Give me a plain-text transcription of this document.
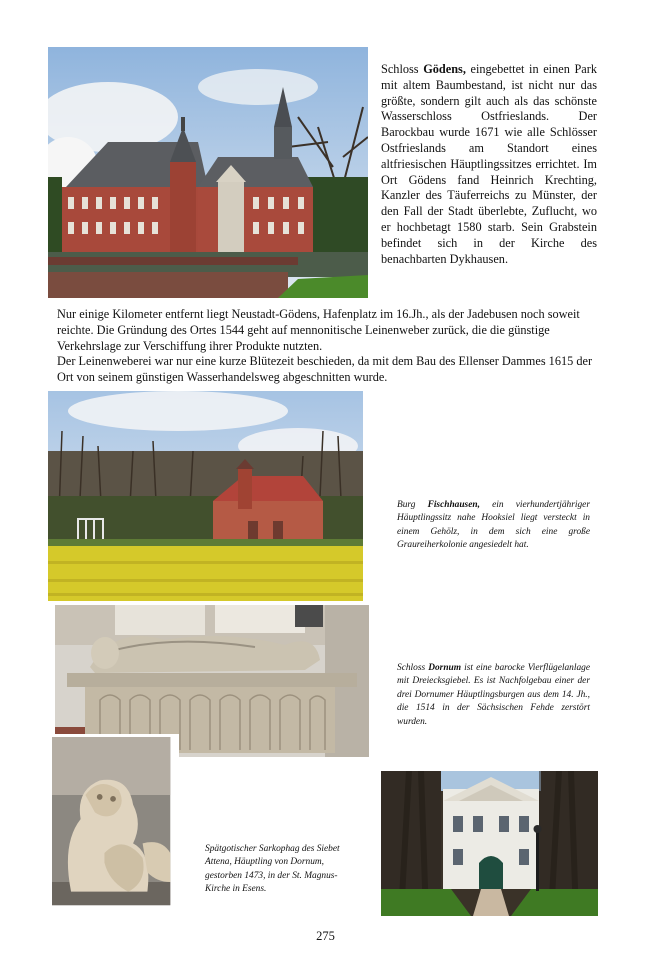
Schloss Gödens, eingebettet in einen Park mit altem Baumbestand, ist nicht nur das größte, sondern gilt auch als das schönste Wasserschloss Ostfrieslands. Der Barockbau wurde 1671 wie alle Schlösser Ostfrieslands am Standort eines altfriesischen Häuptlingssitzes errichtet. Im Ort Gödens fand Heinrich Krechting, Kanzler des Täuferreichs zu Münster, der den Fall der Stadt überlebte, Zuflucht, wo er hochbetagt 1580 starb. Sein Grabstein befindet sich in der Kirche des benachbarten Dykhausen.

Nur einige Kilometer entfernt liegt Neustadt-Gödens, Hafenplatz im 16.Jh., als der Jadebusen noch soweit reichte. Die Gründung des Ortes 1544 geht auf mennonitische Leinenweber zurück, die die günstige Verkehrslage zur Verschiffung ihrer Produkte nutzten.
Der Leinenweberei war nur eine kurze Blütezeit beschieden, da mit dem Bau des Ellenser Dammes 1615 der Ort von seinem günstigen Wasserhandelsweg abgeschnitten wurde.

Burg Fischhausen, ein vierhundertjähriger Häuptlingssitz nahe Hooksiel liegt versteckt in einem Gehölz, in dem sich eine große Graureiherkolonie angesiedelt hat.

Schloss Dornum ist eine barocke Vierflügelanlage mit Dreiecksgiebel. Es ist Nachfolgebau einer der drei Dornumer Häuptlingsburgen aus dem 14. Jh., die 1514 in der Sächsischen Fehde zerstört wurden.

Spätgotischer Sarkophag des Siebet Attena, Häuptling von Dornum, gestorben 1473, in der St. Magnus-Kirche in Esens.

275
